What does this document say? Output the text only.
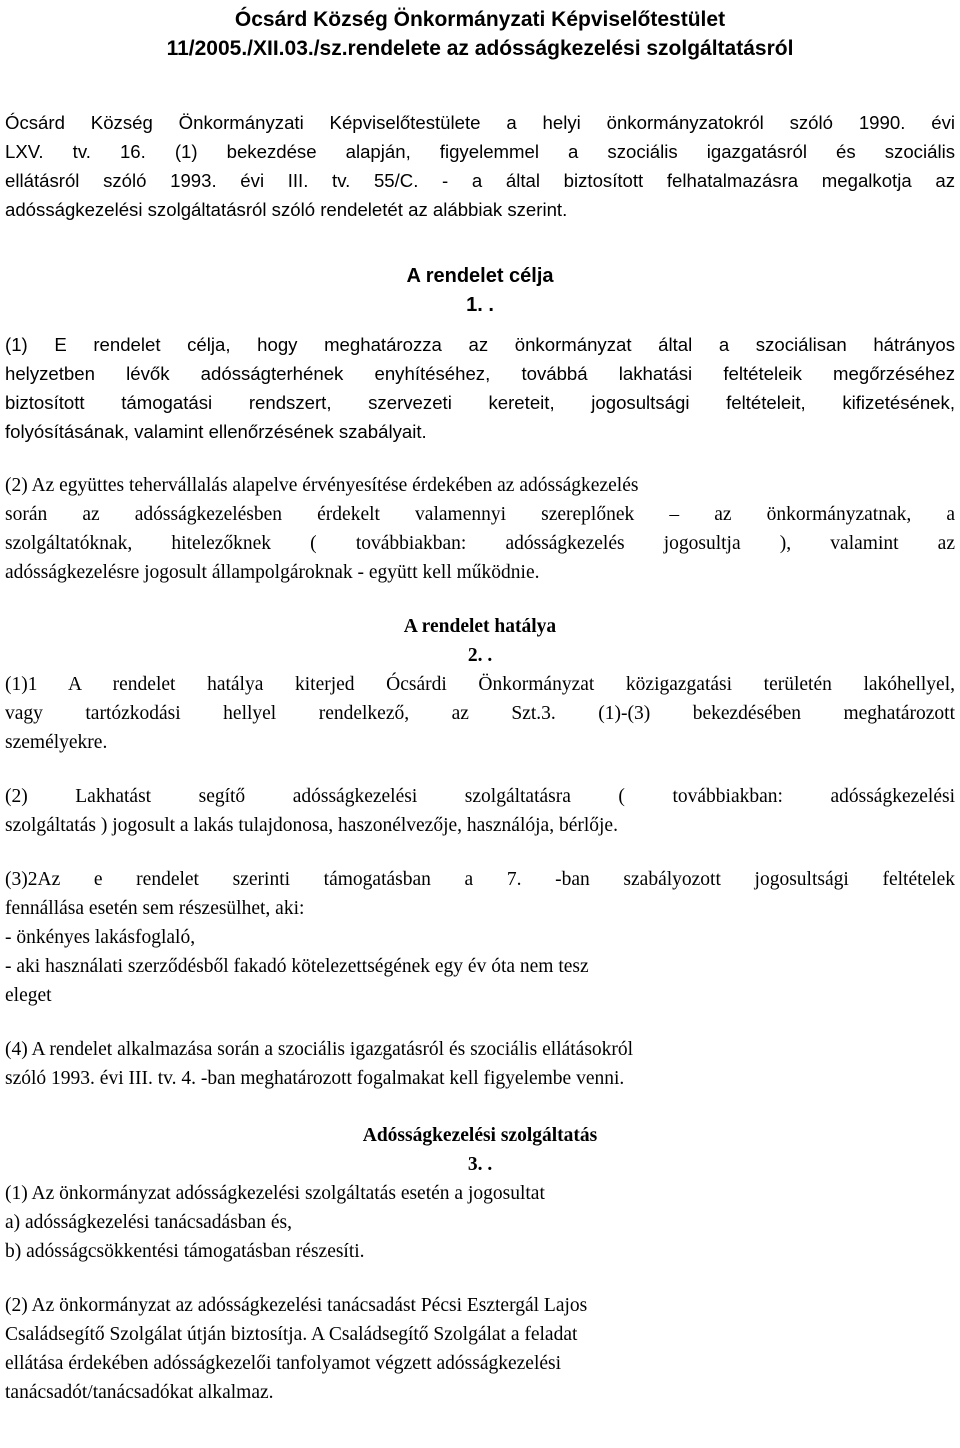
Ócsárd Község Önkormányzati Képviselőtestület
11/2005./XII.03./sz.rendelete az adósságkezelési szolgáltatásról

Ócsárd Község Önkormányzati Képviselőtestülete a helyi önkormányzatokról szóló 1990. évi

LXV. tv. 16. (1) bekezdése alapján, figyelemmel a szociális igazgatásról és szociális

ellátásról szóló 1993. évi III. tv. 55/C. - a által biztosított felhatalmazásra megalkotja az

adósságkezelési szolgáltatásról szóló rendeletét az alábbiak szerint.

A rendelet célja

1. .

(1) E rendelet célja, hogy meghatározza az önkormányzat által a szociálisan hátrányos

helyzetben lévők adósságterhének enyhítéséhez, továbbá lakhatási feltételeik megőrzéséhez

biztosított támogatási rendszert, szervezeti kereteit, jogosultsági feltételeit, kifizetésének,

folyósításának, valamint ellenőrzésének szabályait.

(2) Az együttes tehervállalás alapelve érvényesítése érdekében az adósságkezelés

során az adósságkezelésben érdekelt valamennyi szereplőnek – az önkormányzatnak, a

szolgáltatóknak, hitelezőknek ( továbbiakban: adósságkezelés jogosultja ), valamint az

adósságkezelésre jogosult állampolgároknak - együtt kell működnie.

A rendelet hatálya

2. .

(1)1 A rendelet hatálya kiterjed Ócsárdi Önkormányzat közigazgatási területén lakóhellyel,

vagy tartózkodási hellyel rendelkező, az Szt.3. (1)-(3) bekezdésében meghatározott

személyekre.

(2) Lakhatást segítő adósságkezelési szolgáltatásra ( továbbiakban: adósságkezelési

szolgáltatás ) jogosult a lakás tulajdonosa, haszonélvezője, használója, bérlője.

(3)2Az e rendelet szerinti támogatásban a 7. -ban szabályozott jogosultsági feltételek

fennállása esetén sem részesülhet, aki:

- önkényes lakásfoglaló,

- aki használati szerződésből fakadó kötelezettségének egy év óta nem tesz

eleget

(4) A rendelet alkalmazása során a szociális igazgatásról és szociális ellátásokról

szóló 1993. évi III. tv. 4. -ban meghatározott fogalmakat kell figyelembe venni.

Adósságkezelési szolgáltatás

3. .

(1) Az önkormányzat adósságkezelési szolgáltatás esetén a jogosultat

a) adósságkezelési tanácsadásban és,

b) adósságcsökkentési támogatásban részesíti.

(2) Az önkormányzat az adósságkezelési tanácsadást Pécsi Esztergál Lajos

Családsegítő Szolgálat útján biztosítja. A Családsegítő Szolgálat a feladat

ellátása érdekében adósságkezelői tanfolyamot végzett adósságkezelési

tanácsadót/tanácsadókat alkalmaz.
